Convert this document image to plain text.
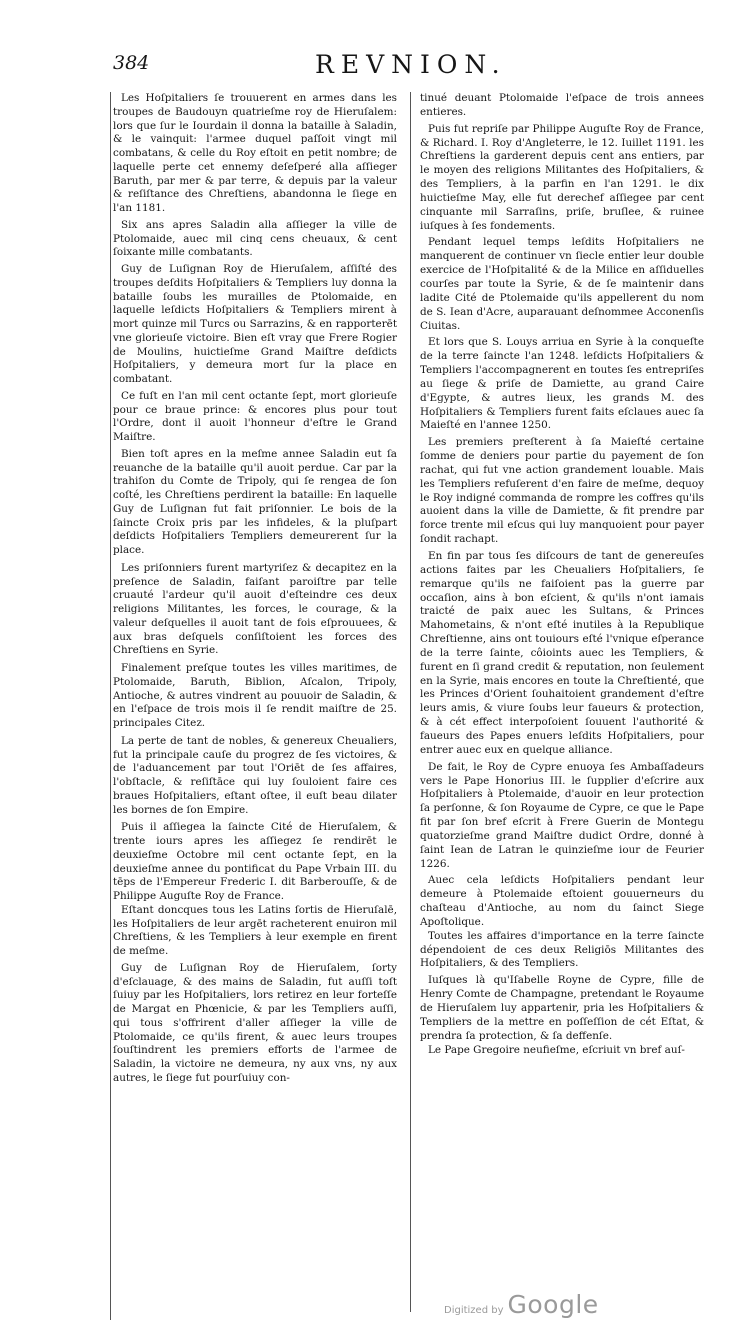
384	REVNION.

Les Hoſpitaliers ſe trouuerent en armes dans les troupes de Baudouyn quatrieſme roy de Hieruſalem: lors que ſur le Iourdain il donna la bataille à Saladin, & le vainquit: l'armee duquel paſſoit vingt mil combatans, & celle du Roy eſtoit en petit nombre; de laquelle perte cet ennemy deſeſperé alla aſſieger Baruth, par mer & par terre, & depuis par la valeur & reſiſtance des Chreſtiens, abandonna le ſiege en l'an 1181.

Six ans apres Saladin alla aſſieger la ville de Ptolomaide, auec mil cinq cens cheuaux, & cent ſoixante mille combatants.

Guy de Luſignan Roy de Hieruſalem, aſſiſté des troupes deſdits Hoſpitaliers & Templiers luy donna la bataille ſoubs les murailles de Ptolomaide, en laquelle leſdicts Hoſpitaliers & Templiers mirent à mort quinze mil Turcs ou Sarrazins, & en rapporterēt vne glorieuſe victoire. Bien eſt vray que Frere Rogier de Moulins, huictieſme Grand Maiſtre deſdicts Hoſpitaliers, y demeura mort ſur la place en combatant.

Ce fuſt en l'an mil cent octante ſept, mort glorieuſe pour ce braue prince: & encores plus pour tout l'Ordre, dont il auoit l'honneur d'eſtre le Grand Maiſtre.

Bien toſt apres en la meſme annee Saladin eut ſa reuanche de la bataille qu'il auoit perdue. Car par la trahiſon du Comte de Tripoly, qui ſe rengea de ſon coſté, les Chreſtiens perdirent la bataille: En laquelle Guy de Luſignan fut fait priſonnier. Le bois de la ſaincte Croix pris par les infideles, & la pluſpart deſdicts Hoſpitaliers Templiers demeurerent ſur la place.

Les priſonniers furent martyriſez & decapitez en la preſence de Saladin, faiſant paroiſtre par telle cruauté l'ardeur qu'il auoit d'eſteindre ces deux religions Militantes, les forces, le courage, & la valeur deſquelles il auoit tant de fois eſprouuees, & aux bras deſquels conſiſtoient les forces des Chreſtiens en Syrie.

Finalement preſque toutes les villes maritimes, de Ptolomaide, Baruth, Biblion, Aſcalon, Tripoly, Antioche, & autres vindrent au pouuoir de Saladin, & en l'eſpace de trois mois il ſe rendit maiſtre de 25. principales Citez.

La perte de tant de nobles, & genereux Cheualiers, fut la principale cauſe du progrez de ſes victoires, & de l'aduancement par tout l'Oriēt de ſes affaires, l'obſtacle, & reſiſtāce qui luy ſouloient faire ces braues Hoſpitaliers, eſtant oſtee, il euſt beau dilater les bornes de ſon Empire.

Puis il aſſiegea la ſaincte Cité de Hieruſalem, & trente iours apres les aſſiegez ſe rendirēt le deuxieſme Octobre mil cent octante ſept, en la deuxieſme annee du pontificat du Pape Vrbain III. du tēps de l'Empereur Frederic I. dit Barberouſſe, & de Philippe Auguſte Roy de France.

Eſtant doncques tous les Latins ſortis de Hieruſalē, les Hoſpitaliers de leur argēt racheterent enuiron mil Chreſtiens, & les Templiers à leur exemple en firent de meſme.

Guy de Luſignan Roy de Hieruſalem, ſorty d'eſclauage, & des mains de Saladin, fut auſſi toſt ſuiuy par les Hoſpitaliers, lors retirez en leur forteſſe de Margat en Phœnicie, & par les Templiers auſſi, qui tous s'offrirent d'aller aſſieger la ville de Ptolomaide, ce qu'ils firent, & auec leurs troupes ſouſtindrent les premiers efforts de l'armee de Saladin, la victoire ne demeura, ny aux vns, ny aux autres, le ſiege fut pourſuiuy con-

tinué deuant Ptolomaide l'eſpace de trois annees entieres.

Puis fut repriſe par Philippe Auguſte Roy de France, & Richard. I. Roy d'Angleterre, le 12. Iuillet 1191. les Chreſtiens la garderent depuis cent ans entiers, par le moyen des religions Militantes des Hoſpitaliers, & des Templiers, à la parfin en l'an 1291. le dix huictieſme May, elle fut derechef aſſiegee par cent cinquante mil Sarraſins, priſe, bruſlee, & ruinee iuſques à ſes fondements.

Pendant lequel temps leſdits Hoſpitaliers ne manquerent de continuer vn ſiecle entier leur double exercice de l'Hoſpitalité & de la Milice en aſſiduelles courſes par toute la Syrie, & de ſe maintenir dans ladite Cité de Ptolemaide qu'ils appellerent du nom de S. Iean d'Acre, auparauant deſnommee Acconenſis Ciuitas.

Et lors que S. Louys arriua en Syrie à la conqueſte de la terre ſaincte l'an 1248. leſdicts Hoſpitaliers & Templiers l'accompagnerent en toutes ſes entrepriſes au ſiege & priſe de Damiette, au grand Caire d'Egypte, & autres lieux, les grands M. des Hoſpitaliers & Templiers furent faits eſclaues auec ſa Maieſté en l'annee 1250.

Les premiers preſterent à ſa Maieſté certaine ſomme de deniers pour partie du payement de ſon rachat, qui fut vne action grandement louable. Mais les Templiers refuſerent d'en faire de meſme, dequoy le Roy indigné commanda de rompre les coffres qu'ils auoient dans la ville de Damiette, & fit prendre par force trente mil eſcus qui luy manquoient pour payer ſondit rachapt.

En fin par tous ſes diſcours de tant de genereuſes actions faites par les Cheualiers Hoſpitaliers, ſe remarque qu'ils ne faiſoient pas la guerre par occaſion, ains à bon eſcient, & qu'ils n'ont iamais traicté de paix auec les Sultans, & Princes Mahometains, & n'ont eſté inutiles à la Republique Chreſtienne, ains ont touiours eſté l'vnique eſperance de la terre ſainte, côioints auec les Templiers, & furent en ſi grand credit & reputation, non ſeulement en la Syrie, mais encores en toute la Chreſtienté, que les Princes d'Orient ſouhaitoient grandement d'eſtre leurs amis, & viure ſoubs leur faueurs & protection, & à cét effect interpoſoient ſouuent l'authorité & faueurs des Papes enuers leſdits Hoſpitaliers, pour entrer auec eux en quelque alliance.

De fait, le Roy de Cypre enuoya ſes Ambaſſadeurs vers le Pape Honorius III. le ſupplier d'eſcrire aux Hoſpitaliers à Ptolemaide, d'auoir en leur protection ſa perſonne, & ſon Royaume de Cypre, ce que le Pape fit par ſon bref eſcrit à Frere Guerin de Montegu quatorzieſme grand Maiſtre dudict Ordre, donné à ſaint Iean de Latran le quinzieſme iour de Feurier 1226.

Auec cela leſdicts Hoſpitaliers pendant leur demeure à Ptolemaide eſtoient gouuerneurs du chaſteau d'Antioche, au nom du ſainct Siege Apoſtolique.

Toutes les affaires d'importance en la terre ſaincte dépendoient de ces deux Religiōs Militantes des Hoſpitaliers, & des Templiers.

Iuſques là qu'Iſabelle Royne de Cypre, fille de Henry Comte de Champagne, pretendant le Royaume de Hieruſalem luy appartenir, pria les Hoſpitaliers & Templiers de la mettre en poſſeſſion de cét Eſtat, & prendra ſa protection, & ſa deffenſe.

Le Pape Gregoire neufieſme, eſcriuit vn bref auſ-

Digitized by Google
